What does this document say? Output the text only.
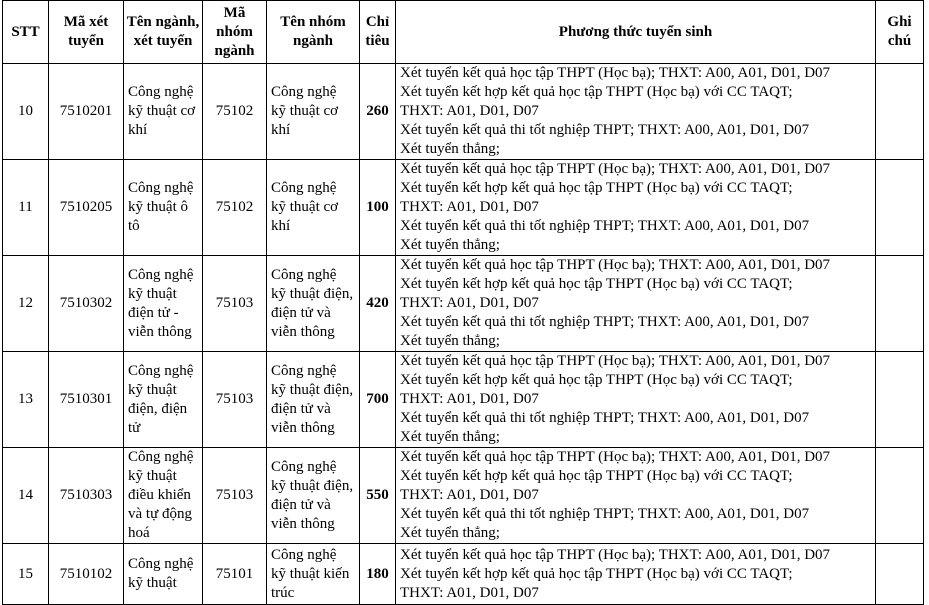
STT	Mã xét tuyển	Tên ngành, xét tuyển	Mã nhóm ngành	Tên nhóm ngành	Chỉ tiêu	Phương thức tuyển sinh	Ghi chú
10	7510201	Công nghệ kỹ thuật cơ khí	75102	Công nghệ kỹ thuật cơ khí	260	Xét tuyển kết quả học tập THPT (Học bạ); THXT: A00, A01, D01, D07
Xét tuyển kết hợp kết quả học tập THPT (Học bạ) với CC TAQT;
THXT: A01, D01, D07
Xét tuyển kết quả thi tốt nghiệp THPT; THXT: A00, A01, D01, D07
Xét tuyển thẳng;	

11	7510205	Công nghệ kỹ thuật ô tô	75102	Công nghệ kỹ thuật cơ khí	100	Xét tuyển kết quả học tập THPT (Học bạ); THXT: A00, A01, D01, D07
Xét tuyển kết hợp kết quả học tập THPT (Học bạ) với CC TAQT;
THXT: A01, D01, D07
Xét tuyển kết quả thi tốt nghiệp THPT; THXT: A00, A01, D01, D07
Xét tuyển thẳng;	

12	7510302	Công nghệ kỹ thuật điện tử - viễn thông	75103	Công nghệ kỹ thuật điện, điện tử và viễn thông	420	Xét tuyển kết quả học tập THPT (Học bạ); THXT: A00, A01, D01, D07
Xét tuyển kết hợp kết quả học tập THPT (Học bạ) với CC TAQT;
THXT: A01, D01, D07
Xét tuyển kết quả thi tốt nghiệp THPT; THXT: A00, A01, D01, D07
Xét tuyển thẳng;	

13	7510301	Công nghệ kỹ thuật điện, điện tử	75103	Công nghệ kỹ thuật điện, điện tử và viễn thông	700	Xét tuyển kết quả học tập THPT (Học bạ); THXT: A00, A01, D01, D07
Xét tuyển kết hợp kết quả học tập THPT (Học bạ) với CC TAQT;
THXT: A01, D01, D07
Xét tuyển kết quả thi tốt nghiệp THPT; THXT: A00, A01, D01, D07
Xét tuyển thẳng;	

14	7510303	Công nghệ kỹ thuật điều khiển và tự động hoá	75103	Công nghệ kỹ thuật điện, điện tử và viễn thông	550	Xét tuyển kết quả học tập THPT (Học bạ); THXT: A00, A01, D01, D07
Xét tuyển kết hợp kết quả học tập THPT (Học bạ) với CC TAQT;
THXT: A01, D01, D07
Xét tuyển kết quả thi tốt nghiệp THPT; THXT: A00, A01, D01, D07
Xét tuyển thẳng;	

15	7510102	Công nghệ kỹ thuật	75101	Công nghệ kỹ thuật kiến trúc	180	Xét tuyển kết quả học tập THPT (Học bạ); THXT: A00, A01, D01, D07
Xét tuyển kết hợp kết quả học tập THPT (Học bạ) với CC TAQT;
THXT: A01, D01, D07	
